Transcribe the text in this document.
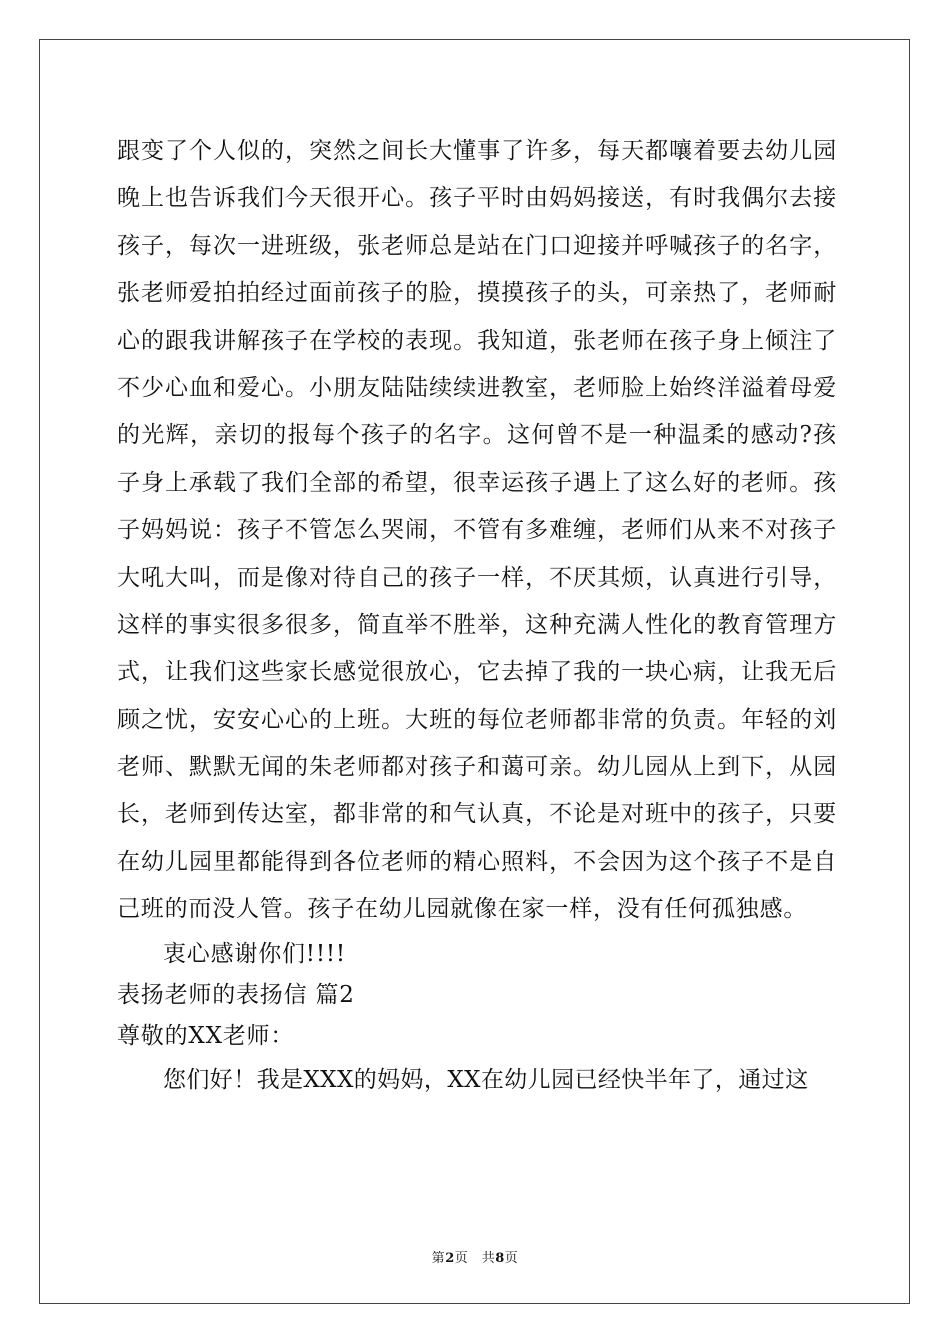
跟变了个人似的，突然之间长大懂事了许多，每天都嚷着要去幼儿园
晚上也告诉我们今天很开心。孩子平时由妈妈接送，有时我偶尔去接
孩子，每次一进班级，张老师总是站在门口迎接并呼喊孩子的名字，
张老师爱拍拍经过面前孩子的脸，摸摸孩子的头，可亲热了，老师耐
心的跟我讲解孩子在学校的表现。我知道，张老师在孩子身上倾注了
不少心血和爱心。小朋友陆陆续续进教室，老师脸上始终洋溢着母爱
的光辉，亲切的报每个孩子的名字。这何曾不是一种温柔的感动?孩
子身上承载了我们全部的希望，很幸运孩子遇上了这么好的老师。孩
子妈妈说：孩子不管怎么哭闹，不管有多难缠，老师们从来不对孩子
大吼大叫，而是像对待自己的孩子一样，不厌其烦，认真进行引导，
这样的事实很多很多，简直举不胜举，这种充满人性化的教育管理方
式，让我们这些家长感觉很放心，它去掉了我的一块心病，让我无后
顾之忧，安安心心的上班。大班的每位老师都非常的负责。年轻的刘
老师、默默无闻的朱老师都对孩子和蔼可亲。幼儿园从上到下，从园
长，老师到传达室，都非常的和气认真，不论是对班中的孩子，只要
在幼儿园里都能得到各位老师的精心照料，不会因为这个孩子不是自
己班的而没人管。孩子在幼儿园就像在家一样，没有任何孤独感。
衷心感谢你们!!!!
表扬老师的表扬信 篇2
尊敬的XX老师：
您们好！我是XXX的妈妈，XX在幼儿园已经快半年了，通过这
第2页　共8页
